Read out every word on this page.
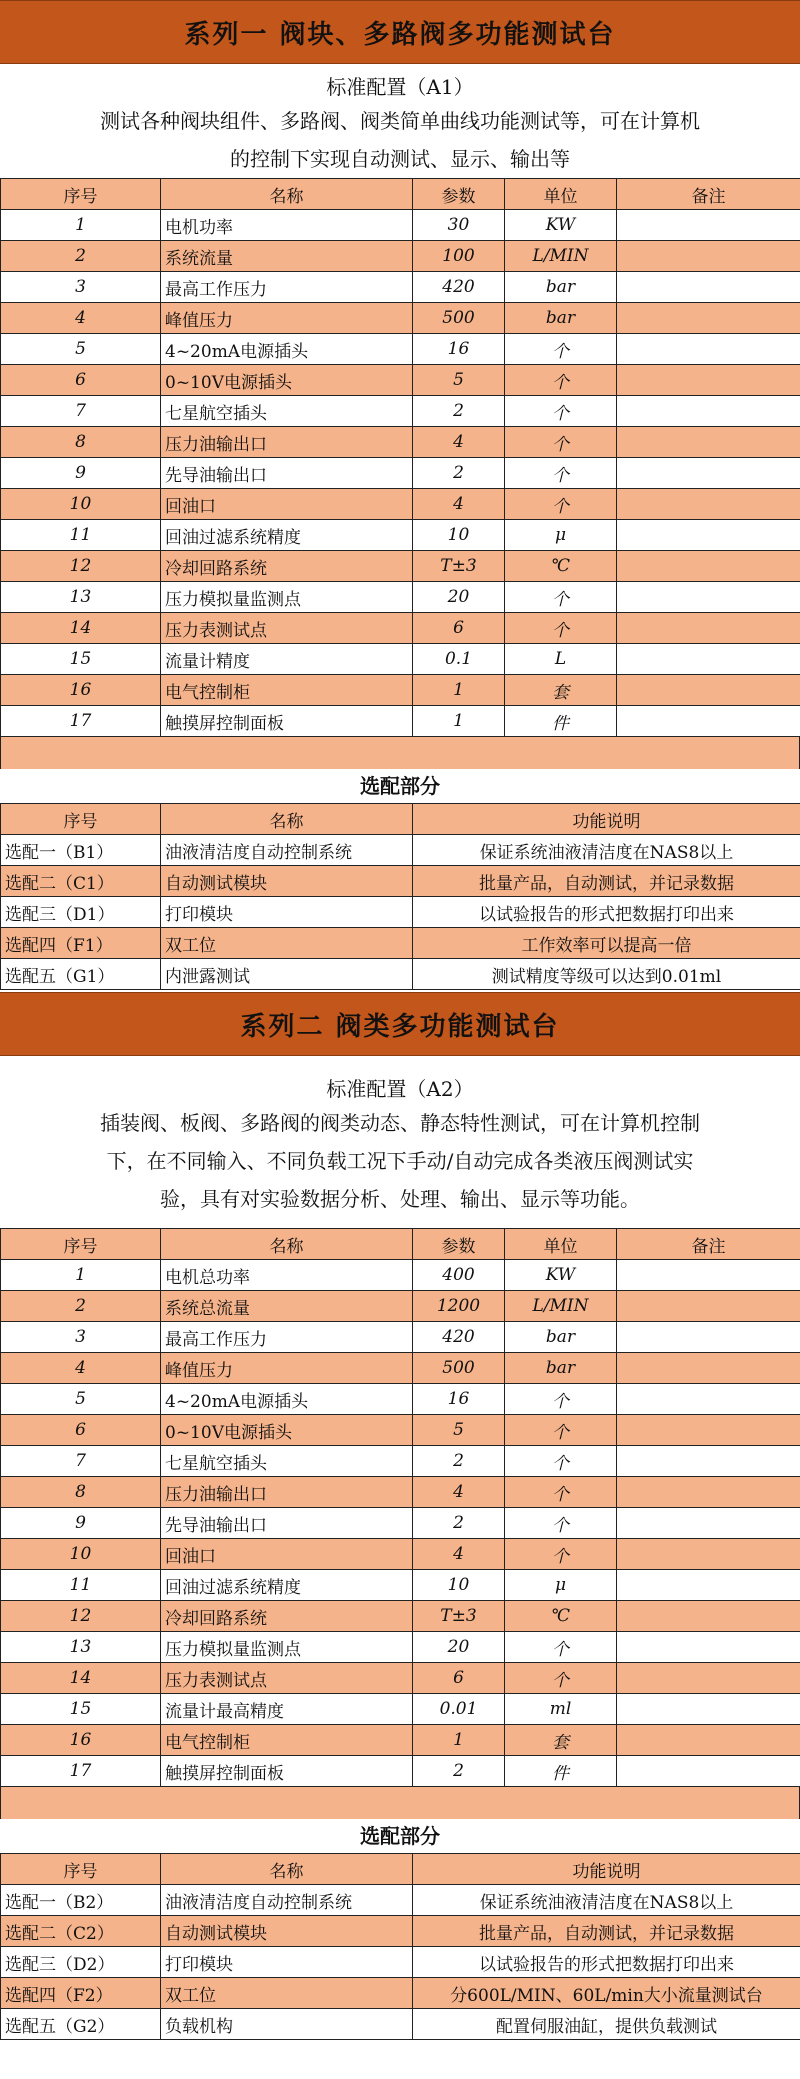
系列一 阀块、多路阀多功能测试台
标准配置（A1）
测试各种阀块组件、多路阀、阀类简单曲线功能测试等，可在计算机
的控制下实现自动测试、显示、输出等
序号	名称	参数	单位	备注
1	电机功率	30	KW	
2	系统流量	100	L/MIN	
3	最高工作压力	420	bar	
4	峰值压力	500	bar	
5	4~20mA电源插头	16	个	
6	0~10V电源插头	5	个	
7	七星航空插头	2	个	
8	压力油输出口	4	个	
9	先导油输出口	2	个	
10	回油口	4	个	
11	回油过滤系统精度	10	μ	
12	冷却回路系统	T±3	℃	
13	压力模拟量监测点	20	个	
14	压力表测试点	6	个	
15	流量计精度	0.1	L	
16	电气控制柜	1	套	
17	触摸屏控制面板	1	件	
选配部分
序号	名称	功能说明
选配一（B1）	油液清洁度自动控制系统	保证系统油液清洁度在NAS8以上
选配二（C1）	自动测试模块	批量产品，自动测试，并记录数据
选配三（D1）	打印模块	以试验报告的形式把数据打印出来
选配四（F1）	双工位	工作效率可以提高一倍
选配五（G1）	内泄露测试	测试精度等级可以达到0.01ml
系列二 阀类多功能测试台
标准配置（A2）
插装阀、板阀、多路阀的阀类动态、静态特性测试，可在计算机控制
下，在不同输入、不同负载工况下手动/自动完成各类液压阀测试实
验，具有对实验数据分析、处理、输出、显示等功能。
序号	名称	参数	单位	备注
1	电机总功率	400	KW	
2	系统总流量	1200	L/MIN	
3	最高工作压力	420	bar	
4	峰值压力	500	bar	
5	4~20mA电源插头	16	个	
6	0~10V电源插头	5	个	
7	七星航空插头	2	个	
8	压力油输出口	4	个	
9	先导油输出口	2	个	
10	回油口	4	个	
11	回油过滤系统精度	10	μ	
12	冷却回路系统	T±3	℃	
13	压力模拟量监测点	20	个	
14	压力表测试点	6	个	
15	流量计最高精度	0.01	ml	
16	电气控制柜	1	套	
17	触摸屏控制面板	2	件	
选配部分
序号	名称	功能说明
选配一（B2）	油液清洁度自动控制系统	保证系统油液清洁度在NAS8以上
选配二（C2）	自动测试模块	批量产品，自动测试，并记录数据
选配三（D2）	打印模块	以试验报告的形式把数据打印出来
选配四（F2）	双工位	分600L/MIN、60L/min大小流量测试台
选配五（G2）	负载机构	配置伺服油缸，提供负载测试
